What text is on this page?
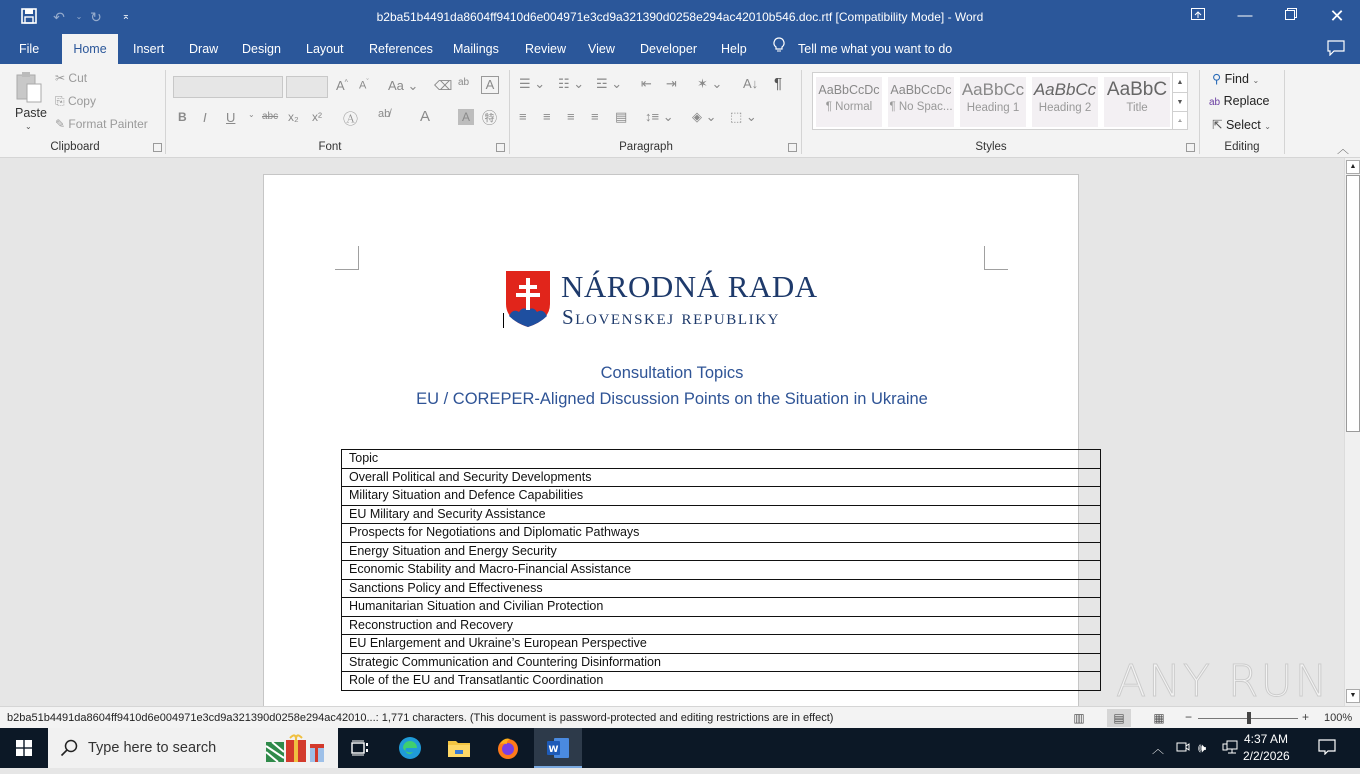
↶	⌄ ↻	⌅	b2ba51b4491da8604ff9410d6e004971e3cd9a321390d0258e294ac42010b546.doc.rtf [Compatibility Mode] - Word	—	✕
File	Home	Insert	Draw	Design	Layout	References	Mailings	Review	View	Developer	Help	Tell me what you want to do
Paste
⌄
✂ Cut
⎘ Copy
✎ Format Painter
Clipboard
A^ $A^ˇ$ Aa ⌄ ⌫ ab	A
B I U ⌄ abc x₂ x² Ⓐ ab̸ A	A ㊕
Font
☰ ⌄ ☷ ⌄ ☲ ⌄ ⇤ ⇥ ✶ ⌄ A↓ ¶
≡ ≡ ≡ ≡ ▤ ↕≡ ⌄ ◈ ⌄ ⬚ ⌄
Paragraph
AaBbCcDc
¶ Normal
AaBbCcDc
¶ No Spac...
AaBbCc
Heading 1
AaBbCc
Heading 2
AaBbC
Title
▲
▼
⩡
Styles
⚲ Find ⌄
ab Replace
⇱ Select ⌄
Editing	︿
NÁRODNÁ RADA
Slovenskej republiky
Consultation Topics
EU / COREPER-Aligned Discussion Points on the Situation in Ukraine
Topic
Overall Political and Security Developments
Military Situation and Defence Capabilities
EU Military and Security Assistance
Prospects for Negotiations and Diplomatic Pathways
Energy Situation and Energy Security
Economic Stability and Macro-Financial Assistance
Sanctions Policy and Effectiveness
Humanitarian Situation and Civilian Protection
Reconstruction and Recovery
EU Enlargement and Ukraine’s European Perspective
Strategic Communication and Countering Disinformation
Role of the EU and Transatlantic Coordination	ANY RUN
▲
▼
b2ba51b4491da8604ff9410d6e004971e3cd9a321390d0258e294ac42010...: 1,771 characters. (This document is password-protected and editing restrictions are in effect)	▥	▤	▦	−	+ 100%
Type here to search	W	︿	🕪
4:37 AM
2/2/2026
